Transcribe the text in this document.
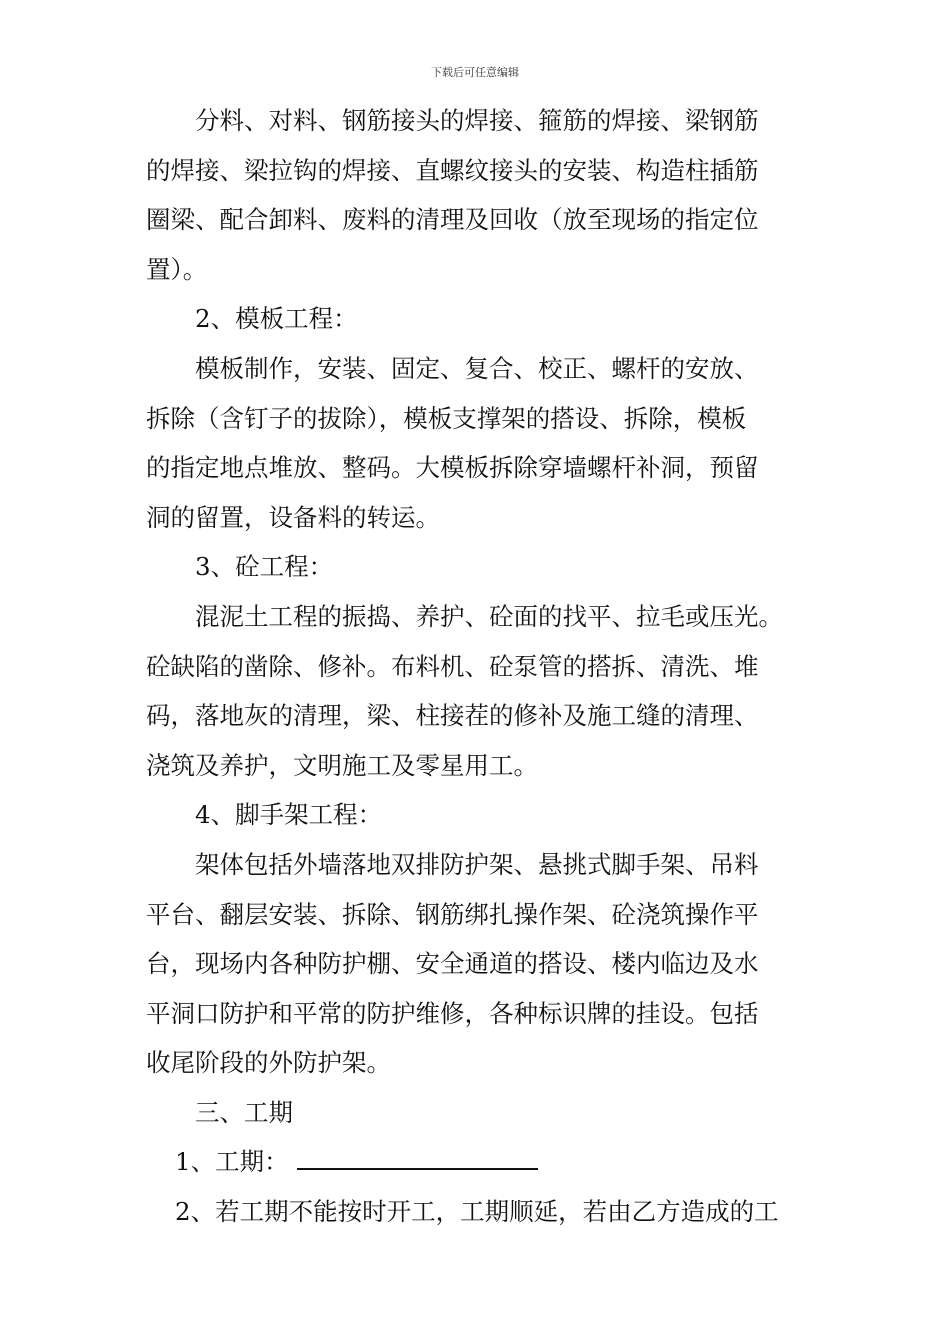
下载后可任意编辑

分料、对料、钢筋接头的焊接、箍筋的焊接、梁钢筋

的焊接、梁拉钩的焊接、直螺纹接头的安装、构造柱插筋

圈梁、配合卸料、废料的清理及回收（放至现场的指定位

置）。

2、模板工程：

模板制作，安装、固定、复合、校正、螺杆的安放、

拆除（含钉子的拔除），模板支撑架的搭设、拆除，模板

的指定地点堆放、整码。大模板拆除穿墙螺杆补洞，预留

洞的留置，设备料的转运。

3、砼工程：

混泥土工程的振捣、养护、砼面的找平、拉毛或压光。

砼缺陷的凿除、修补。布料机、砼泵管的搭拆、清洗、堆

码，落地灰的清理，梁、柱接茬的修补及施工缝的清理、

浇筑及养护，文明施工及零星用工。

4、脚手架工程：

架体包括外墙落地双排防护架、悬挑式脚手架、吊料

平台、翻层安装、拆除、钢筋绑扎操作架、砼浇筑操作平

台，现场内各种防护棚、安全通道的搭设、楼内临边及水

平洞口防护和平常的防护维修，各种标识牌的挂设。包括

收尾阶段的外防护架。

三、工期

1、工期：

2、若工期不能按时开工，工期顺延，若由乙方造成的工
